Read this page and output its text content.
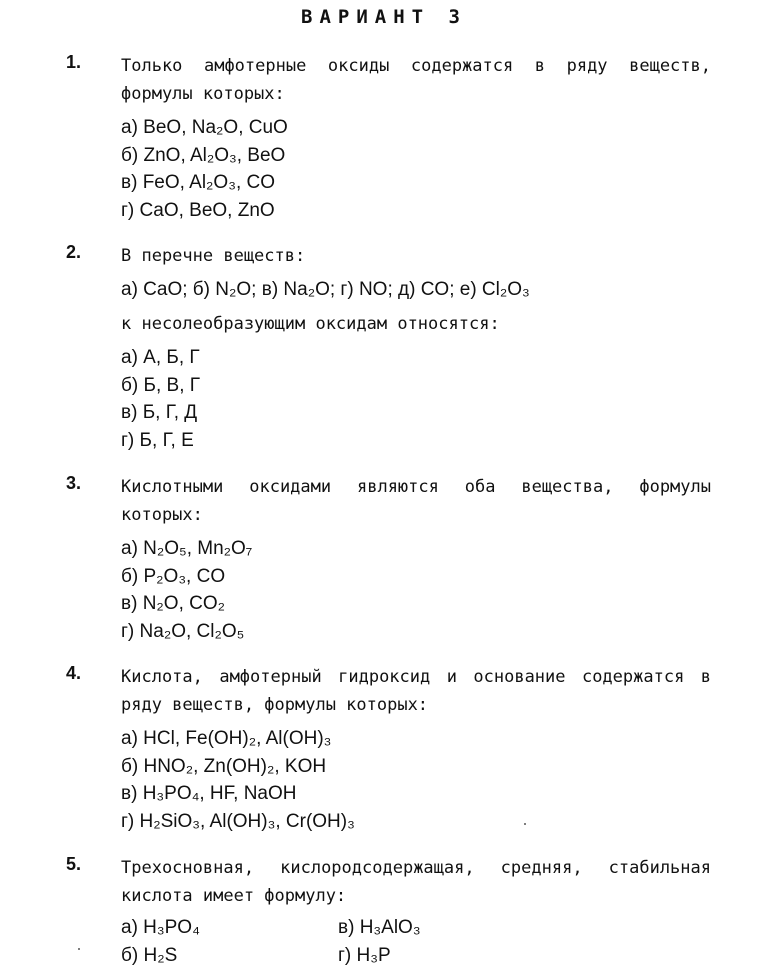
ВАРИАНТ 3
1. Только амфотерные оксиды содержатся в ряду веществ, формулы которых:
а) BeO, Na₂O, CuO
б) ZnO, Al₂O₃, BeO
в) FeO, Al₂O₃, CO
г) CaO, BeO, ZnO
2. В перечне веществ:
а) CaO; б) N₂O; в) Na₂O; г) NO; д) CO; е) Cl₂O₃
к несолеобразующим оксидам относятся:
а) А, Б, Г
б) Б, В, Г
в) Б, Г, Д
г) Б, Г, Е
3. Кислотными оксидами являются оба вещества, формулы которых:
а) N₂O₅, Mn₂O₇
б) P₂O₃, CO
в) N₂O, CO₂
г) Na₂O, Cl₂O₅
4. Кислота, амфотерный гидроксид и основание содержатся в ряду веществ, формулы которых:
а) HCl, Fe(OH)₂, Al(OH)₃
б) HNO₂, Zn(OH)₂, KOH
в) H₃PO₄, HF, NaOH
г) H₂SiO₃, Al(OH)₃, Cr(OH)₃
5. Трехосновная, кислородсодержащая, средняя, стабильная кислота имеет формулу:
а) H₃PO₄	в) H₃AlO₃
б) H₂S	г) H₃P
